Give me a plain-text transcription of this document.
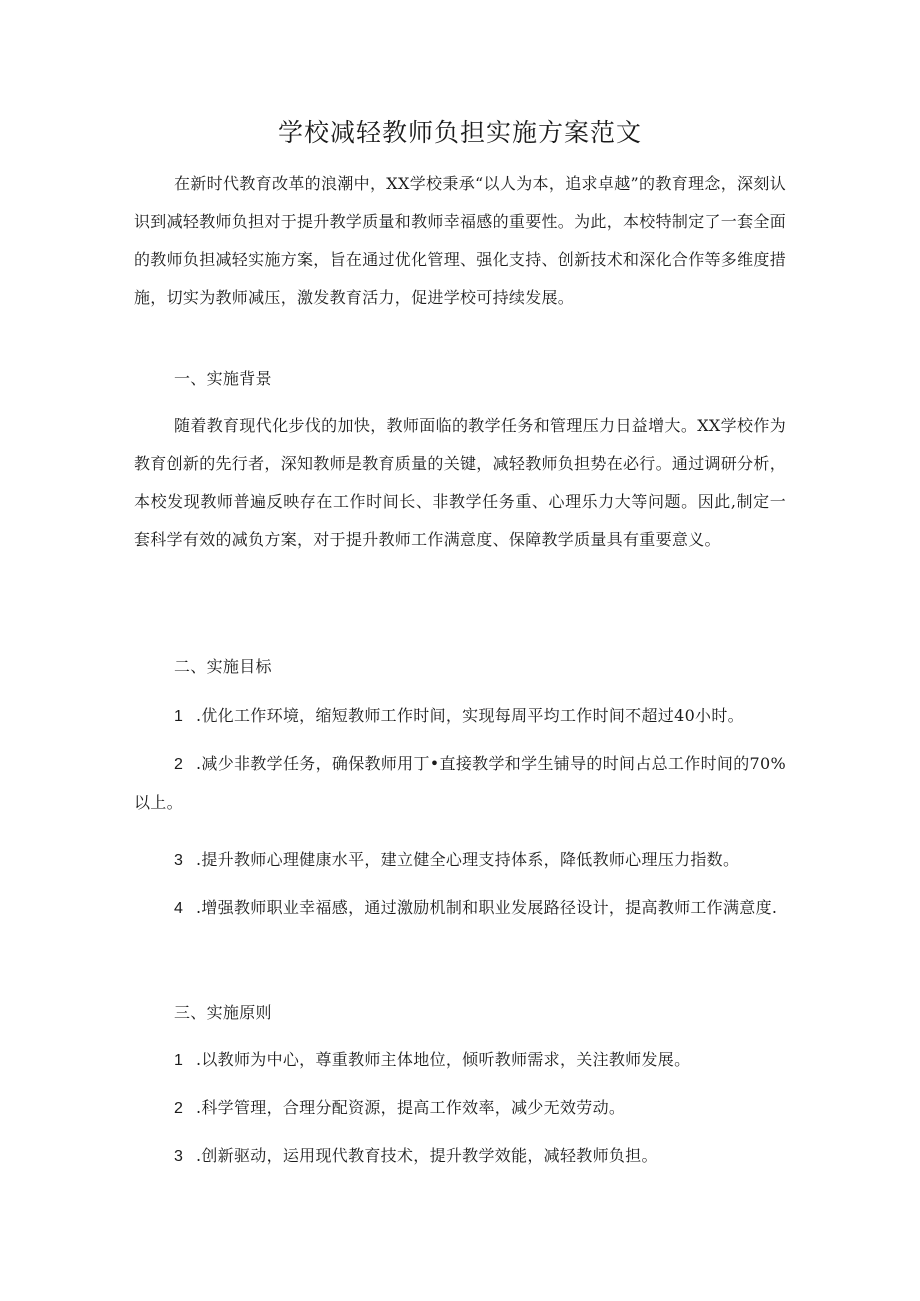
学校减轻教师负担实施方案范文

在新时代教育改革的浪潮中，XX学校秉承“以人为本，追求卓越”的教育理念，深刻认识到减轻教师负担对于提升教学质量和教师幸福感的重要性。为此，本校特制定了一套全面的教师负担减轻实施方案，旨在通过优化管理、强化支持、创新技术和深化合作等多维度措施，切实为教师减压，激发教育活力，促进学校可持续发展。

一、实施背景

随着教育现代化步伐的加快，教师面临的教学任务和管理压力日益增大。XX学校作为教育创新的先行者，深知教师是教育质量的关键，减轻教师负担势在必行。通过调研分析，本校发现教师普遍反映存在工作时间长、非教学任务重、心理乐力大等问题。因此,制定一套科学有效的减负方案，对于提升教师工作满意度、保障教学质量具有重要意义。

二、实施目标

1 .优化工作环境，缩短教师工作时间，实现每周平均工作时间不超过40小时。

2 .减少非教学任务，确保教师用丁•直接教学和学生铺导的时间占总工作时间的70%以上。

3 .提升教师心理健康水平，建立健全心理支持体系，降低教师心理压力指数。

4 .增强教师职业幸福感，通过激励机制和职业发展路径设计，提高教师工作满意度.

三、实施原则

1 .以教师为中心，尊重教师主体地位，倾听教师需求，关注教师发展。

2 .科学管理，合理分配资源，提高工作效率，减少无效劳动。

3 .创新驱动，运用现代教育技术，提升教学效能，减轻教师负担。
